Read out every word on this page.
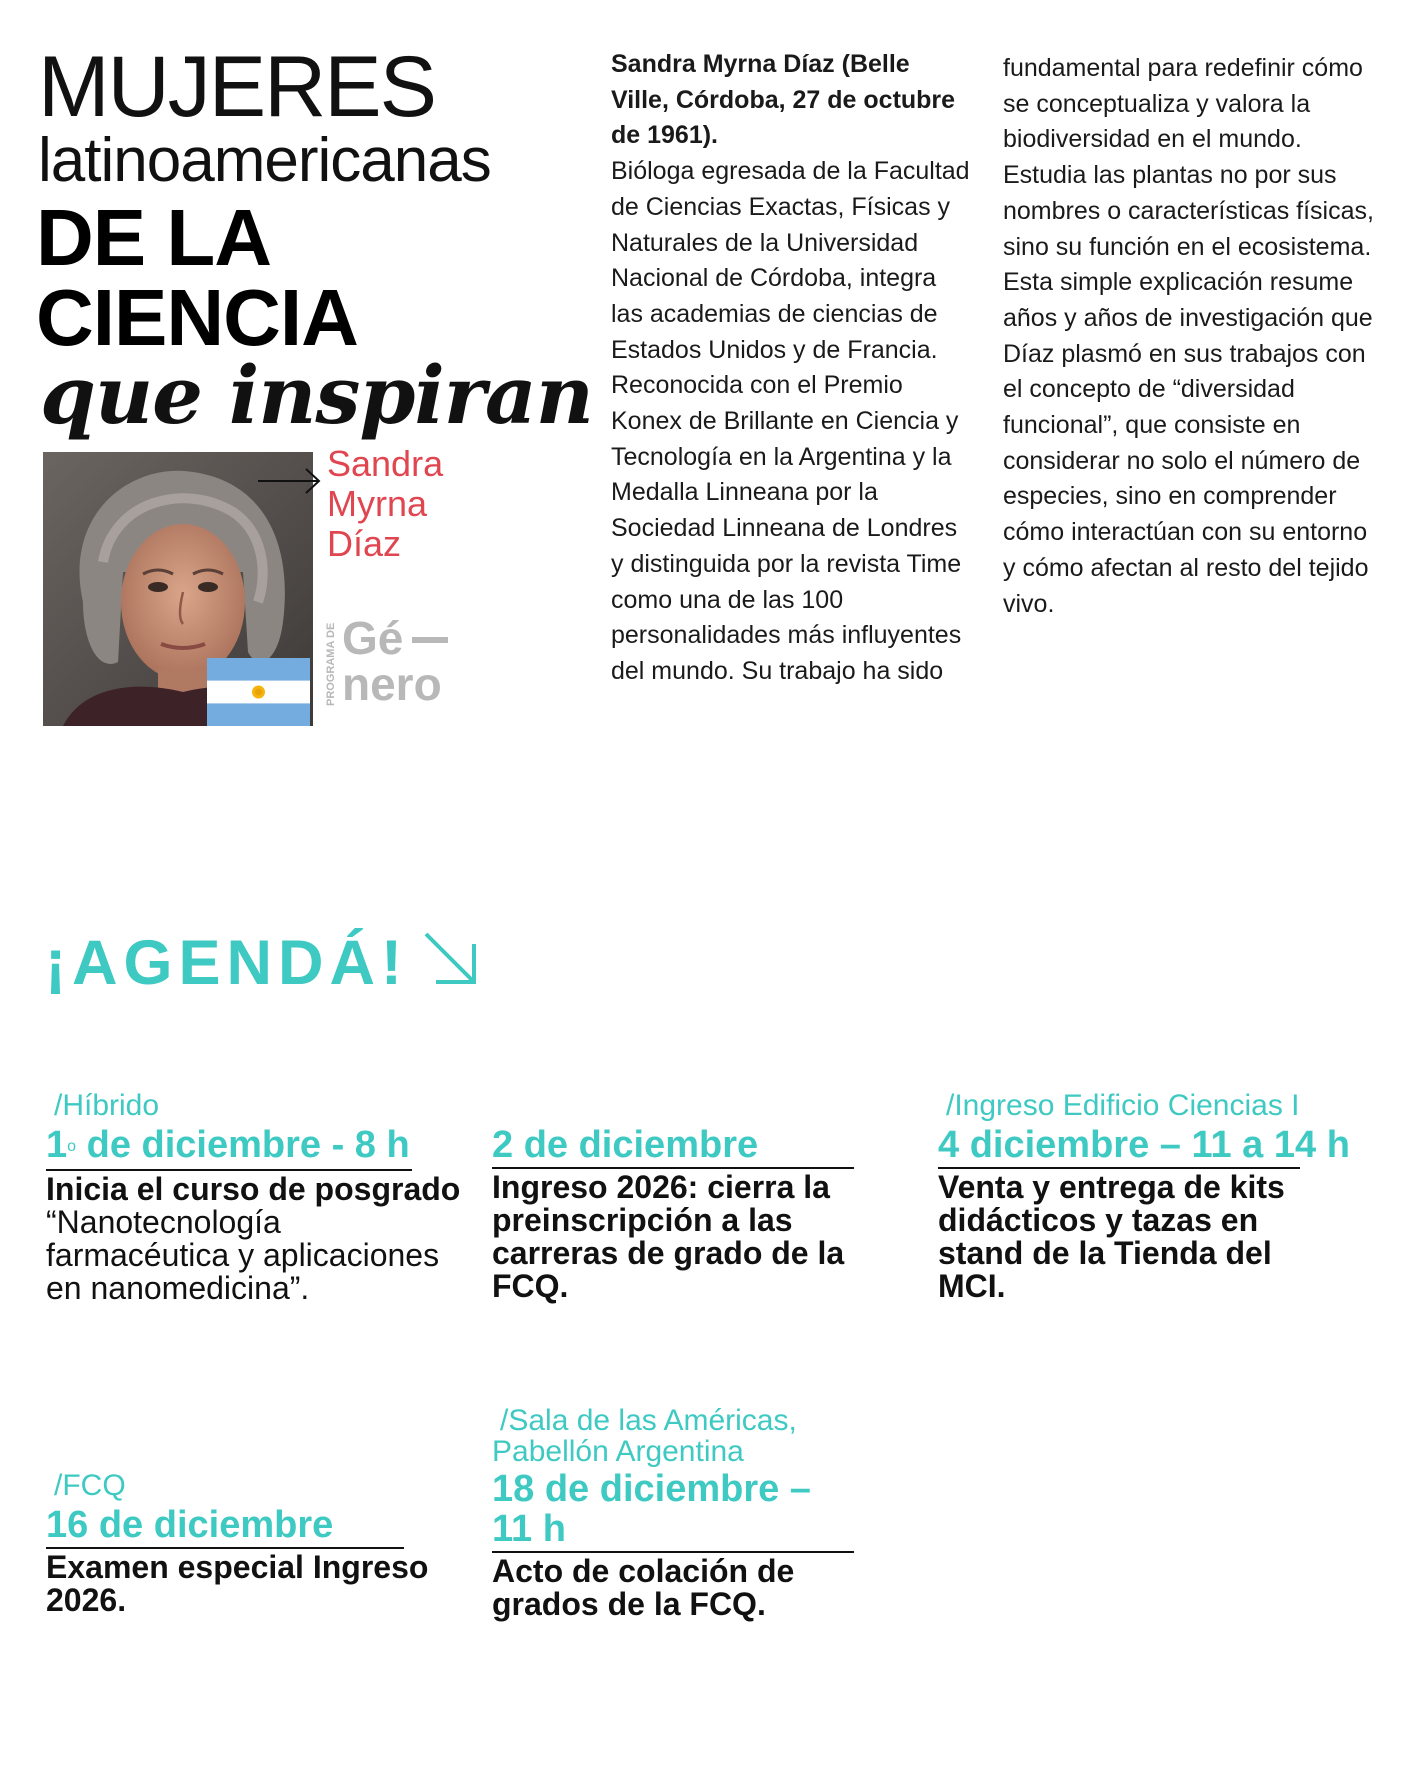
MUJERES
latinoamericanas
DE LA
CIENCIA
que inspiran
Sandra
Myrna
Díaz
PROGRAMA DE Gé
nero
Sandra Myrna Díaz (Belle Ville, Córdoba, 27 de octubre de 1961).
Bióloga egresada de la Facultad de Ciencias Exactas, Físicas y Naturales de la Universidad Nacional de Córdoba, integra las academias de ciencias de Estados Unidos y de Francia. Reconocida con el Premio Konex de Brillante en Ciencia y Tecnología en la Argentina y la Medalla Linneana por la Sociedad Linneana de Londres y distinguida por la revista Time como una de las 100 personalidades más influyentes del mundo. Su trabajo ha sido
fundamental para redefinir cómo se conceptualiza y valora la biodiversidad en el mundo. Estudia las plantas no por sus nombres o características físicas, sino su función en el ecosistema. Esta simple explicación resume años y años de investigación que Díaz plasmó en sus trabajos con el concepto de “diversidad funcional”, que consiste en considerar no solo el número de especies, sino en comprender cómo interactúan con su entorno y cómo afectan al resto del tejido vivo.
¡AGENDÁ!
/Híbrido
1$^o$ de diciembre - 8 h
Inicia el curso de posgrado “Nanotecnología farmacéutica y aplicaciones en nanomedicina”.
2 de diciembre
Ingreso 2026: cierra la preinscripción a las carreras de grado de la FCQ.
/Ingreso Edificio Ciencias I
4 diciembre – 11 a 14 h
Venta y entrega de kits didácticos y tazas en stand de la Tienda del MCI.
/FCQ
16 de diciembre
Examen especial Ingreso 2026.
/Sala de las Américas,
Pabellón Argentina
18 de diciembre –
11 h
Acto de colación de grados de la FCQ.
